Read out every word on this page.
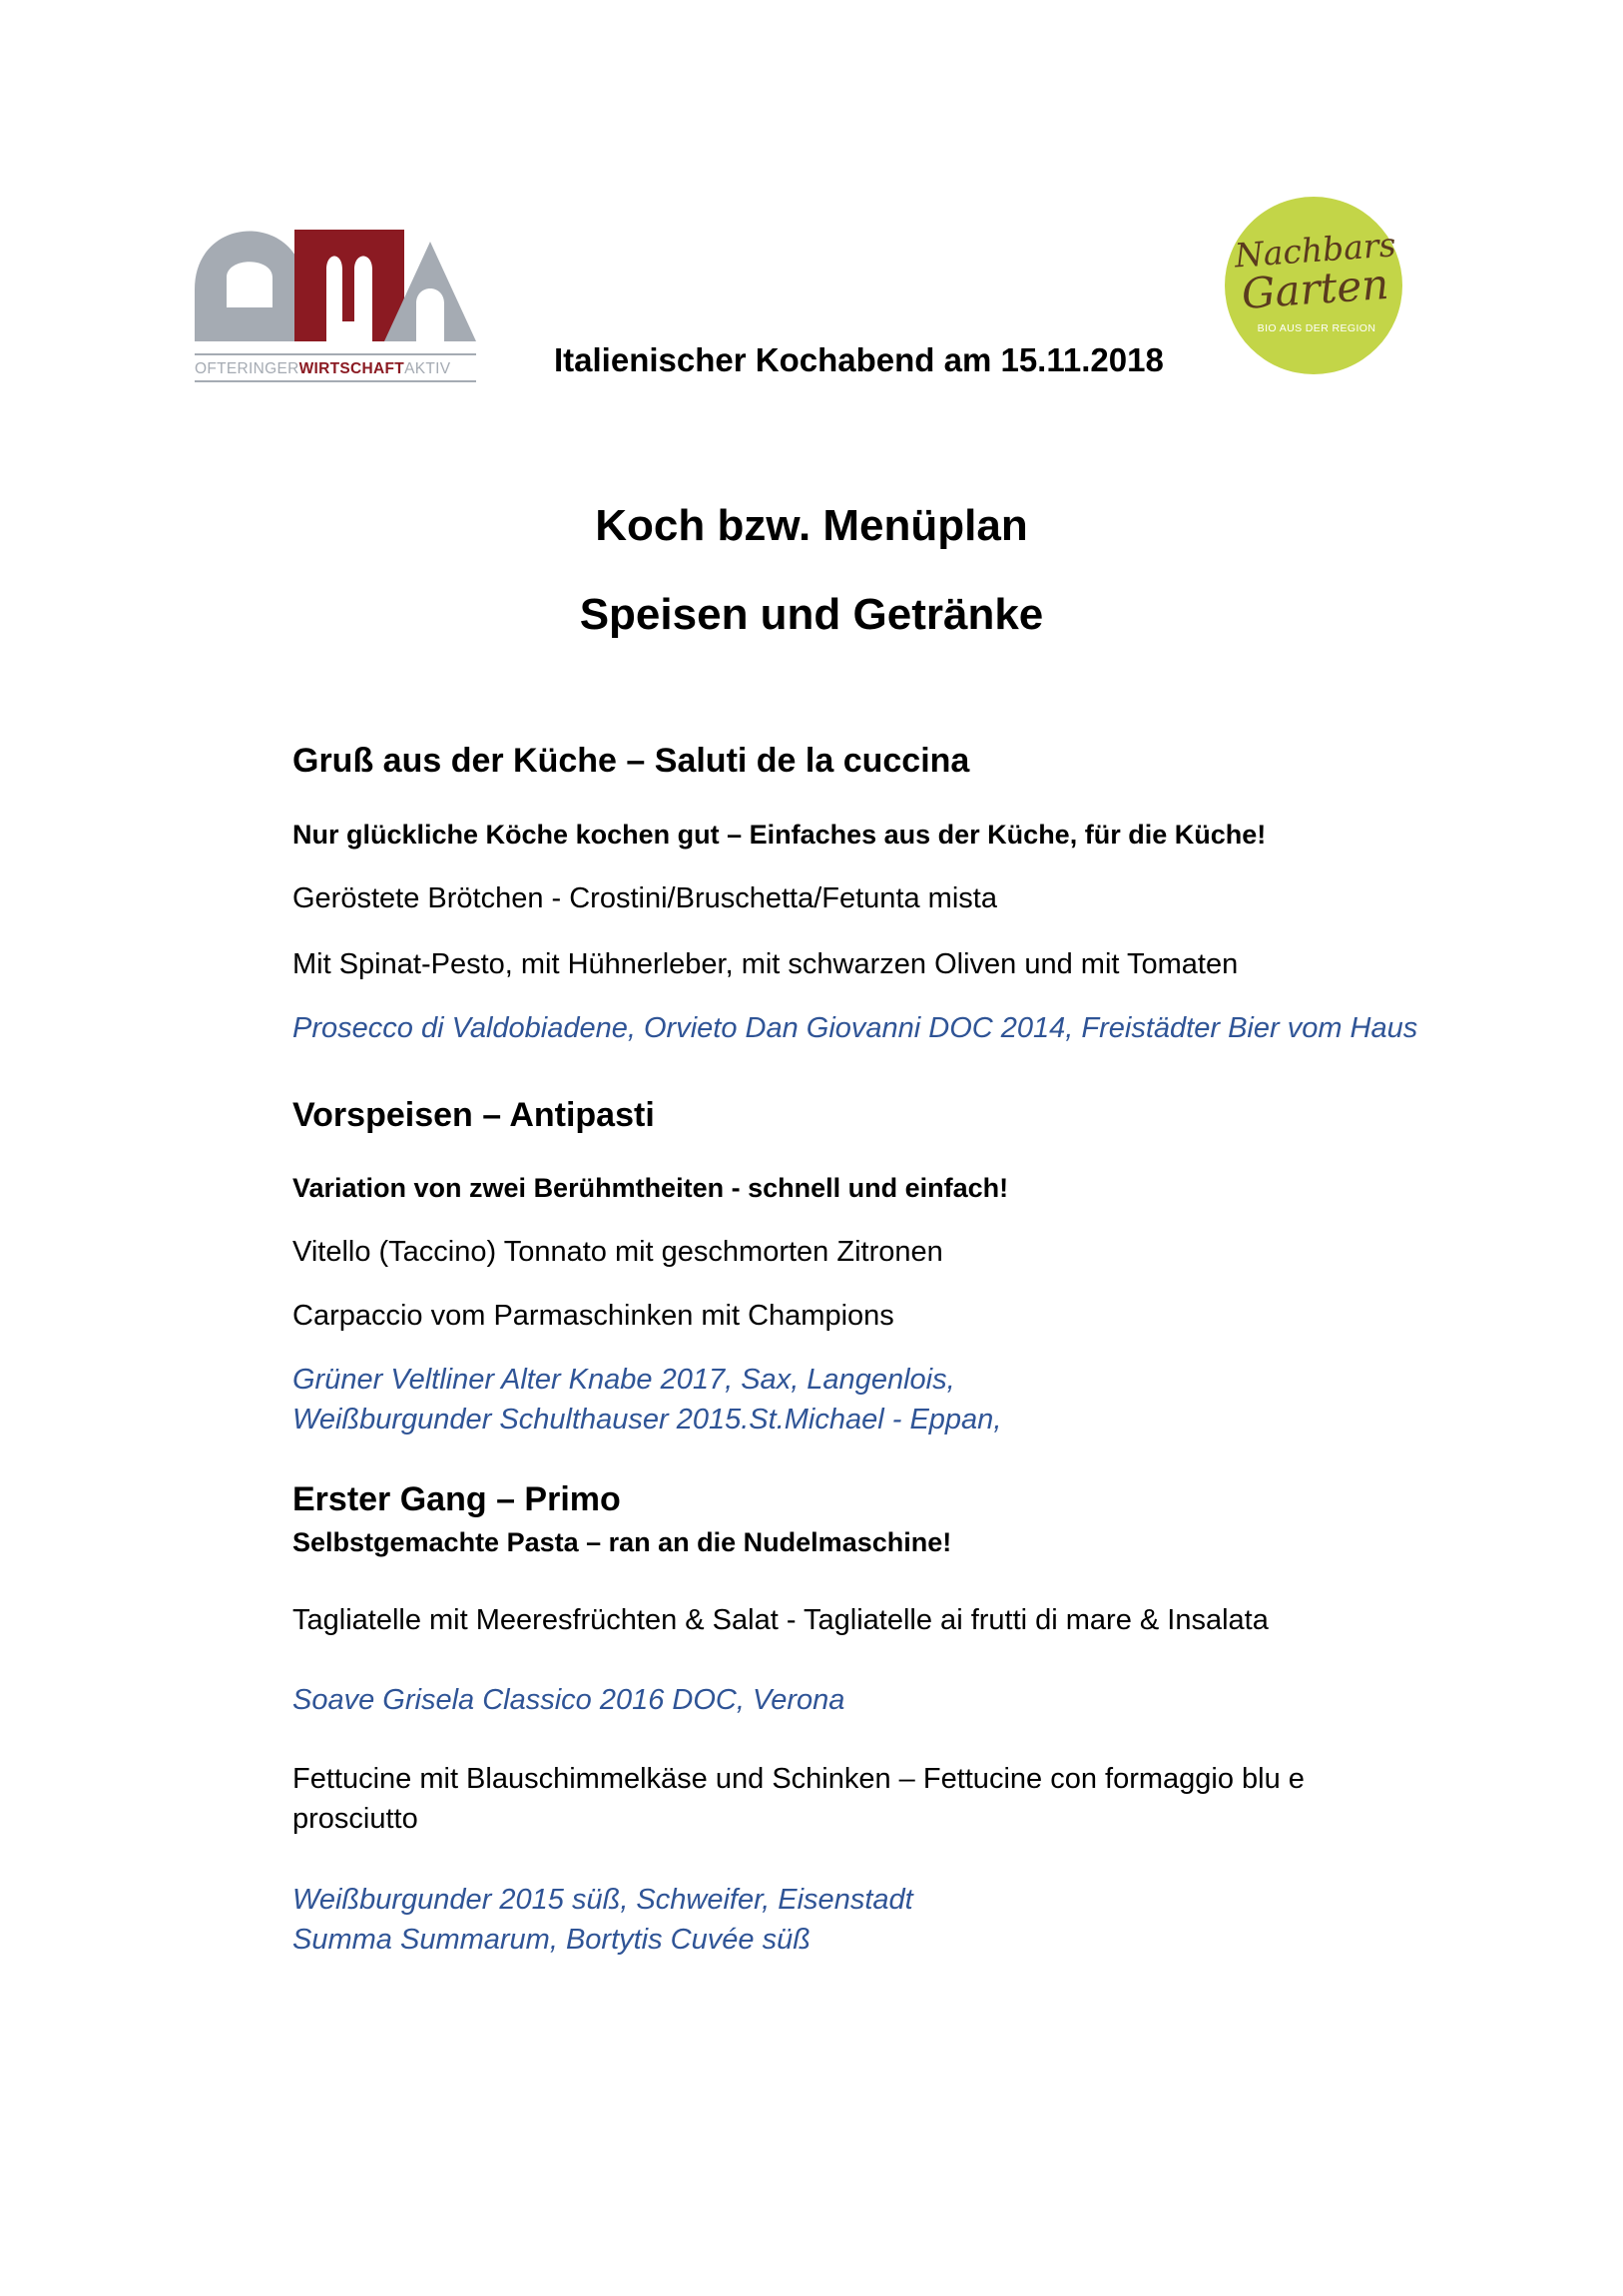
OFTERINGERWIRTSCHAFTAKTIV
Nachbars
Garten
BIO AUS DER REGION
Italienischer Kochabend am 15.11.2018
Koch bzw. Menüplan
Speisen und Getränke
Gruß aus der Küche – Saluti de la cuccina
Nur glückliche Köche kochen gut – Einfaches aus der Küche, für die Küche!
Geröstete Brötchen - Crostini/Bruschetta/Fetunta mista
Mit Spinat-Pesto, mit Hühnerleber, mit schwarzen Oliven und mit Tomaten
Prosecco di Valdobiadene, Orvieto Dan Giovanni DOC 2014, Freistädter Bier vom Haus
Vorspeisen – Antipasti
Variation von zwei Berühmtheiten - schnell und einfach!
Vitello (Taccino) Tonnato mit geschmorten Zitronen
Carpaccio vom Parmaschinken mit Champions
Grüner Veltliner Alter Knabe 2017, Sax, Langenlois,
Weißburgunder Schulthauser 2015.St.Michael - Eppan,
Erster Gang – Primo
Selbstgemachte Pasta – ran an die Nudelmaschine!
Tagliatelle mit Meeresfrüchten & Salat - Tagliatelle ai frutti di mare & Insalata
Soave Grisela Classico 2016 DOC, Verona
Fettucine mit Blauschimmelkäse und Schinken – Fettucine con formaggio blu e
prosciutto
Weißburgunder 2015 süß, Schweifer, Eisenstadt
Summa Summarum, Bortytis Cuvée süß
